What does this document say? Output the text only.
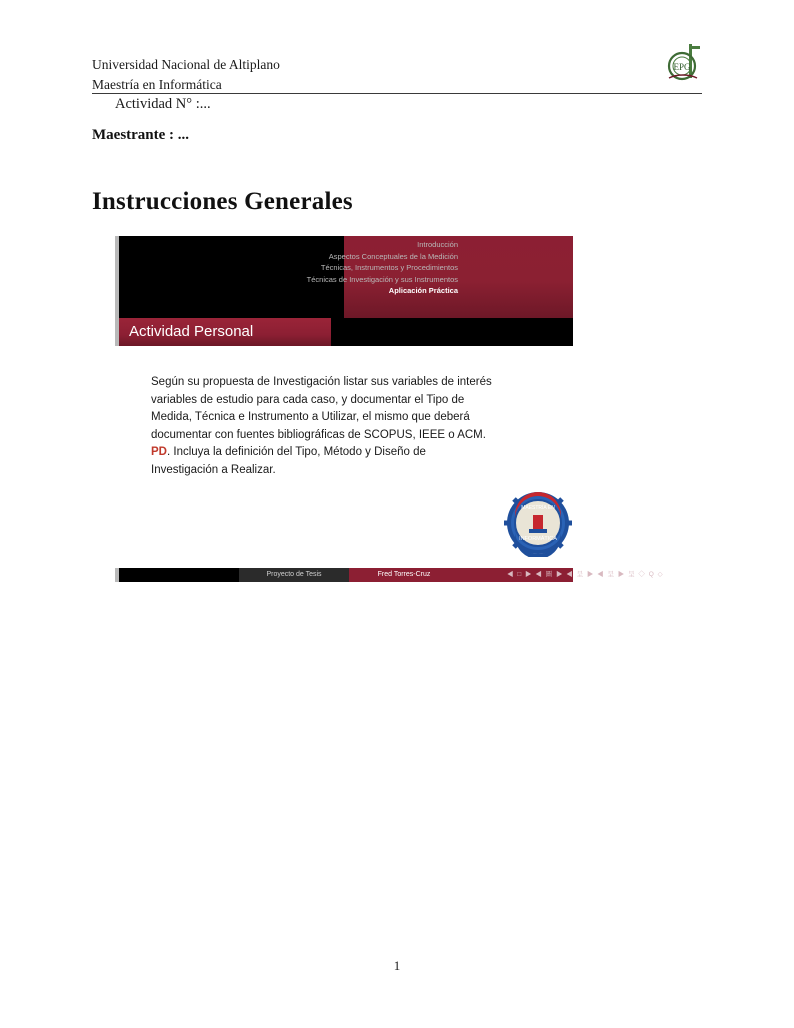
Universidad Nacional de Altiplano
Maestría en Informática
Actividad N° :...
Maestrante : ...
EPG
Instrucciones Generales
Introducción
Aspectos Conceptuales de la Medición
Técnicas, Instrumentos y Procedimientos
Técnicas de Investigación y sus Instrumentos
Aplicación Práctica
Actividad Personal
Según su propuesta de Investigación listar sus variables de interés
variables de estudio para cada caso, y documentar el Tipo de
Medida, Técnica e Instrumento a Utilizar, el mismo que deberá
documentar con fuentes bibliográficas de SCOPUS, IEEE o ACM.
PD. Incluya la definición del Tipo, Método y Diseño de
Investigación a Realizar.
MAESTRÍA EN
INFORMÁTICA
Proyecto de Tesis	Fred Torres-Cruz	◀ □ ▶ ◀ 圖 ▶ ◀ 呈 ▶ ◀ 呈 ▶ 呈 ◇ Q ◇
1
